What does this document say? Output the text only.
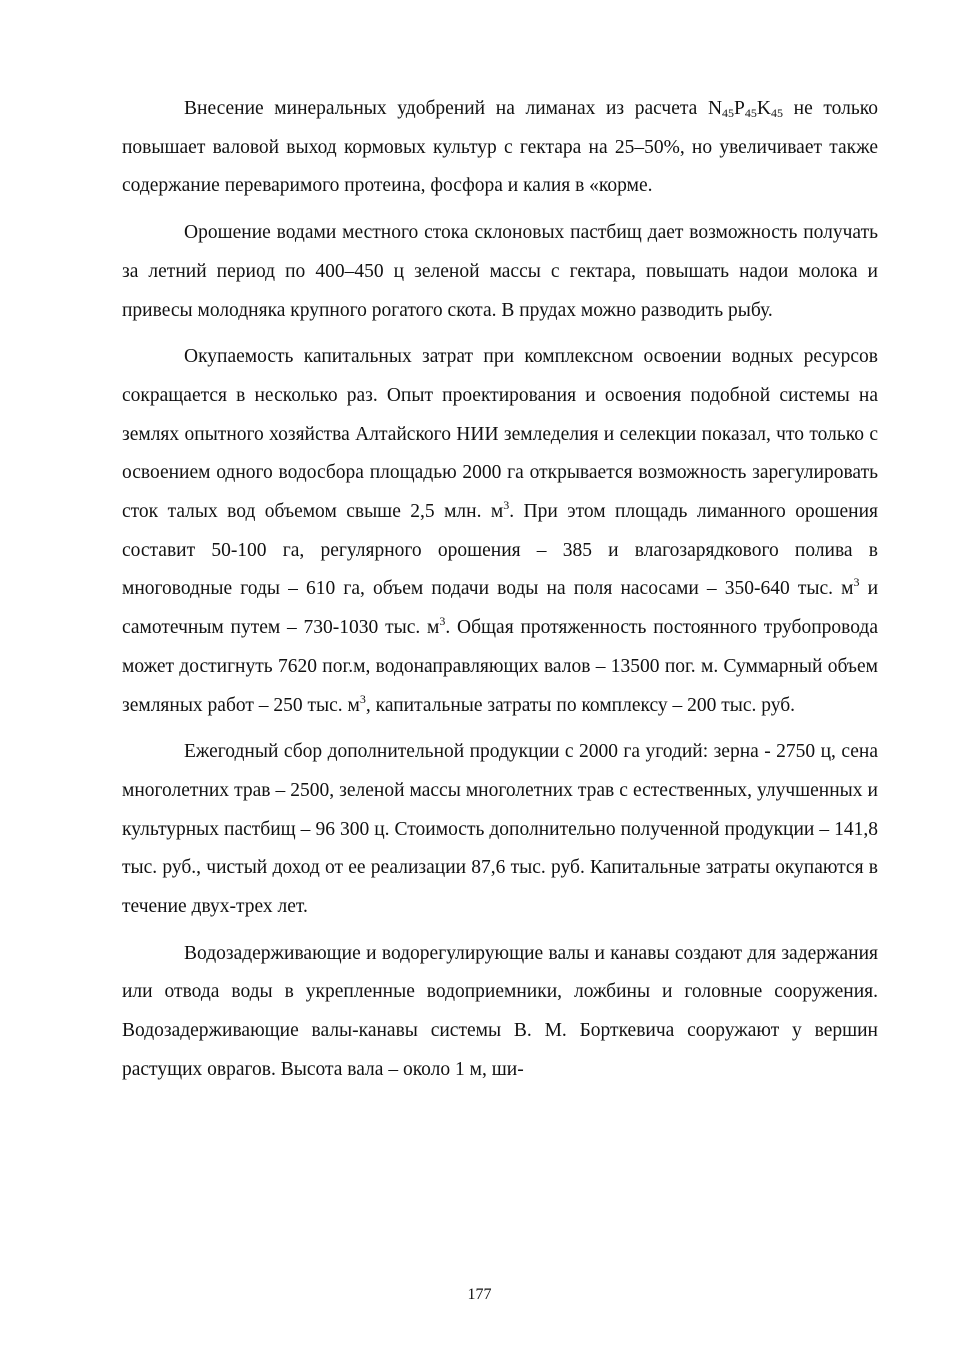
Внесение минеральных удобрений на лиманах из расчета $N_{45}P_{45}K_{45}$ не только повышает валовой выход кормовых культур с гектара на 25–50%, но увеличивает также содержание переваримого протеина, фосфора и калия в «корме.

Орошение водами местного стока склоновых пастбищ дает возможность получать за летний период по 400–450 ц зеленой массы с гектара, повышать надои молока и привесы молодняка крупного рогатого скота. В прудах можно разводить рыбу.

Окупаемость капитальных затрат при комплексном освоении водных ресурсов сокращается в несколько раз. Опыт проектирования и освоения подобной системы на землях опытного хозяйства Алтайского НИИ земледелия и селекции показал, что только с освоением одного водосбора площадью 2000 га открывается возможность зарегулировать сток талых вод объемом свыше 2,5 млн. $м^3$. При этом площадь лиманного орошения составит 50-100 га, регулярного орошения – 385 и влагозарядкового полива в многоводные годы – 610 га, объем подачи воды на поля насосами – 350-640 тыс. $м^3$ и самотечным путем – 730-1030 тыс. $м^3$. Общая протяженность постоянного трубопровода может достигнуть 7620 пог.м, водонаправляющих валов – 13500 пог. м. Суммарный объем земляных работ – 250 тыс. $м^3$, капитальные затраты по комплексу – 200 тыс. руб.

Ежегодный сбор дополнительной продукции с 2000 га угодий: зерна - 2750 ц, сена многолетних трав – 2500, зеленой массы многолетних трав с естественных, улучшенных и культурных пастбищ – 96 300 ц. Стоимость дополнительно полученной продукции – 141,8 тыс. руб., чистый доход от ее реализации 87,6 тыс. руб. Капитальные затраты окупаются в течение двух-трех лет.

Водозадерживающие и водорегулирующие валы и канавы создают для задержания или отвода воды в укрепленные водоприемники, ложбины и головные сооружения. Водозадерживающие валы-канавы системы В. М. Борткевича сооружают у вершин растущих оврагов. Высота вала – около 1 м, ши-

177
